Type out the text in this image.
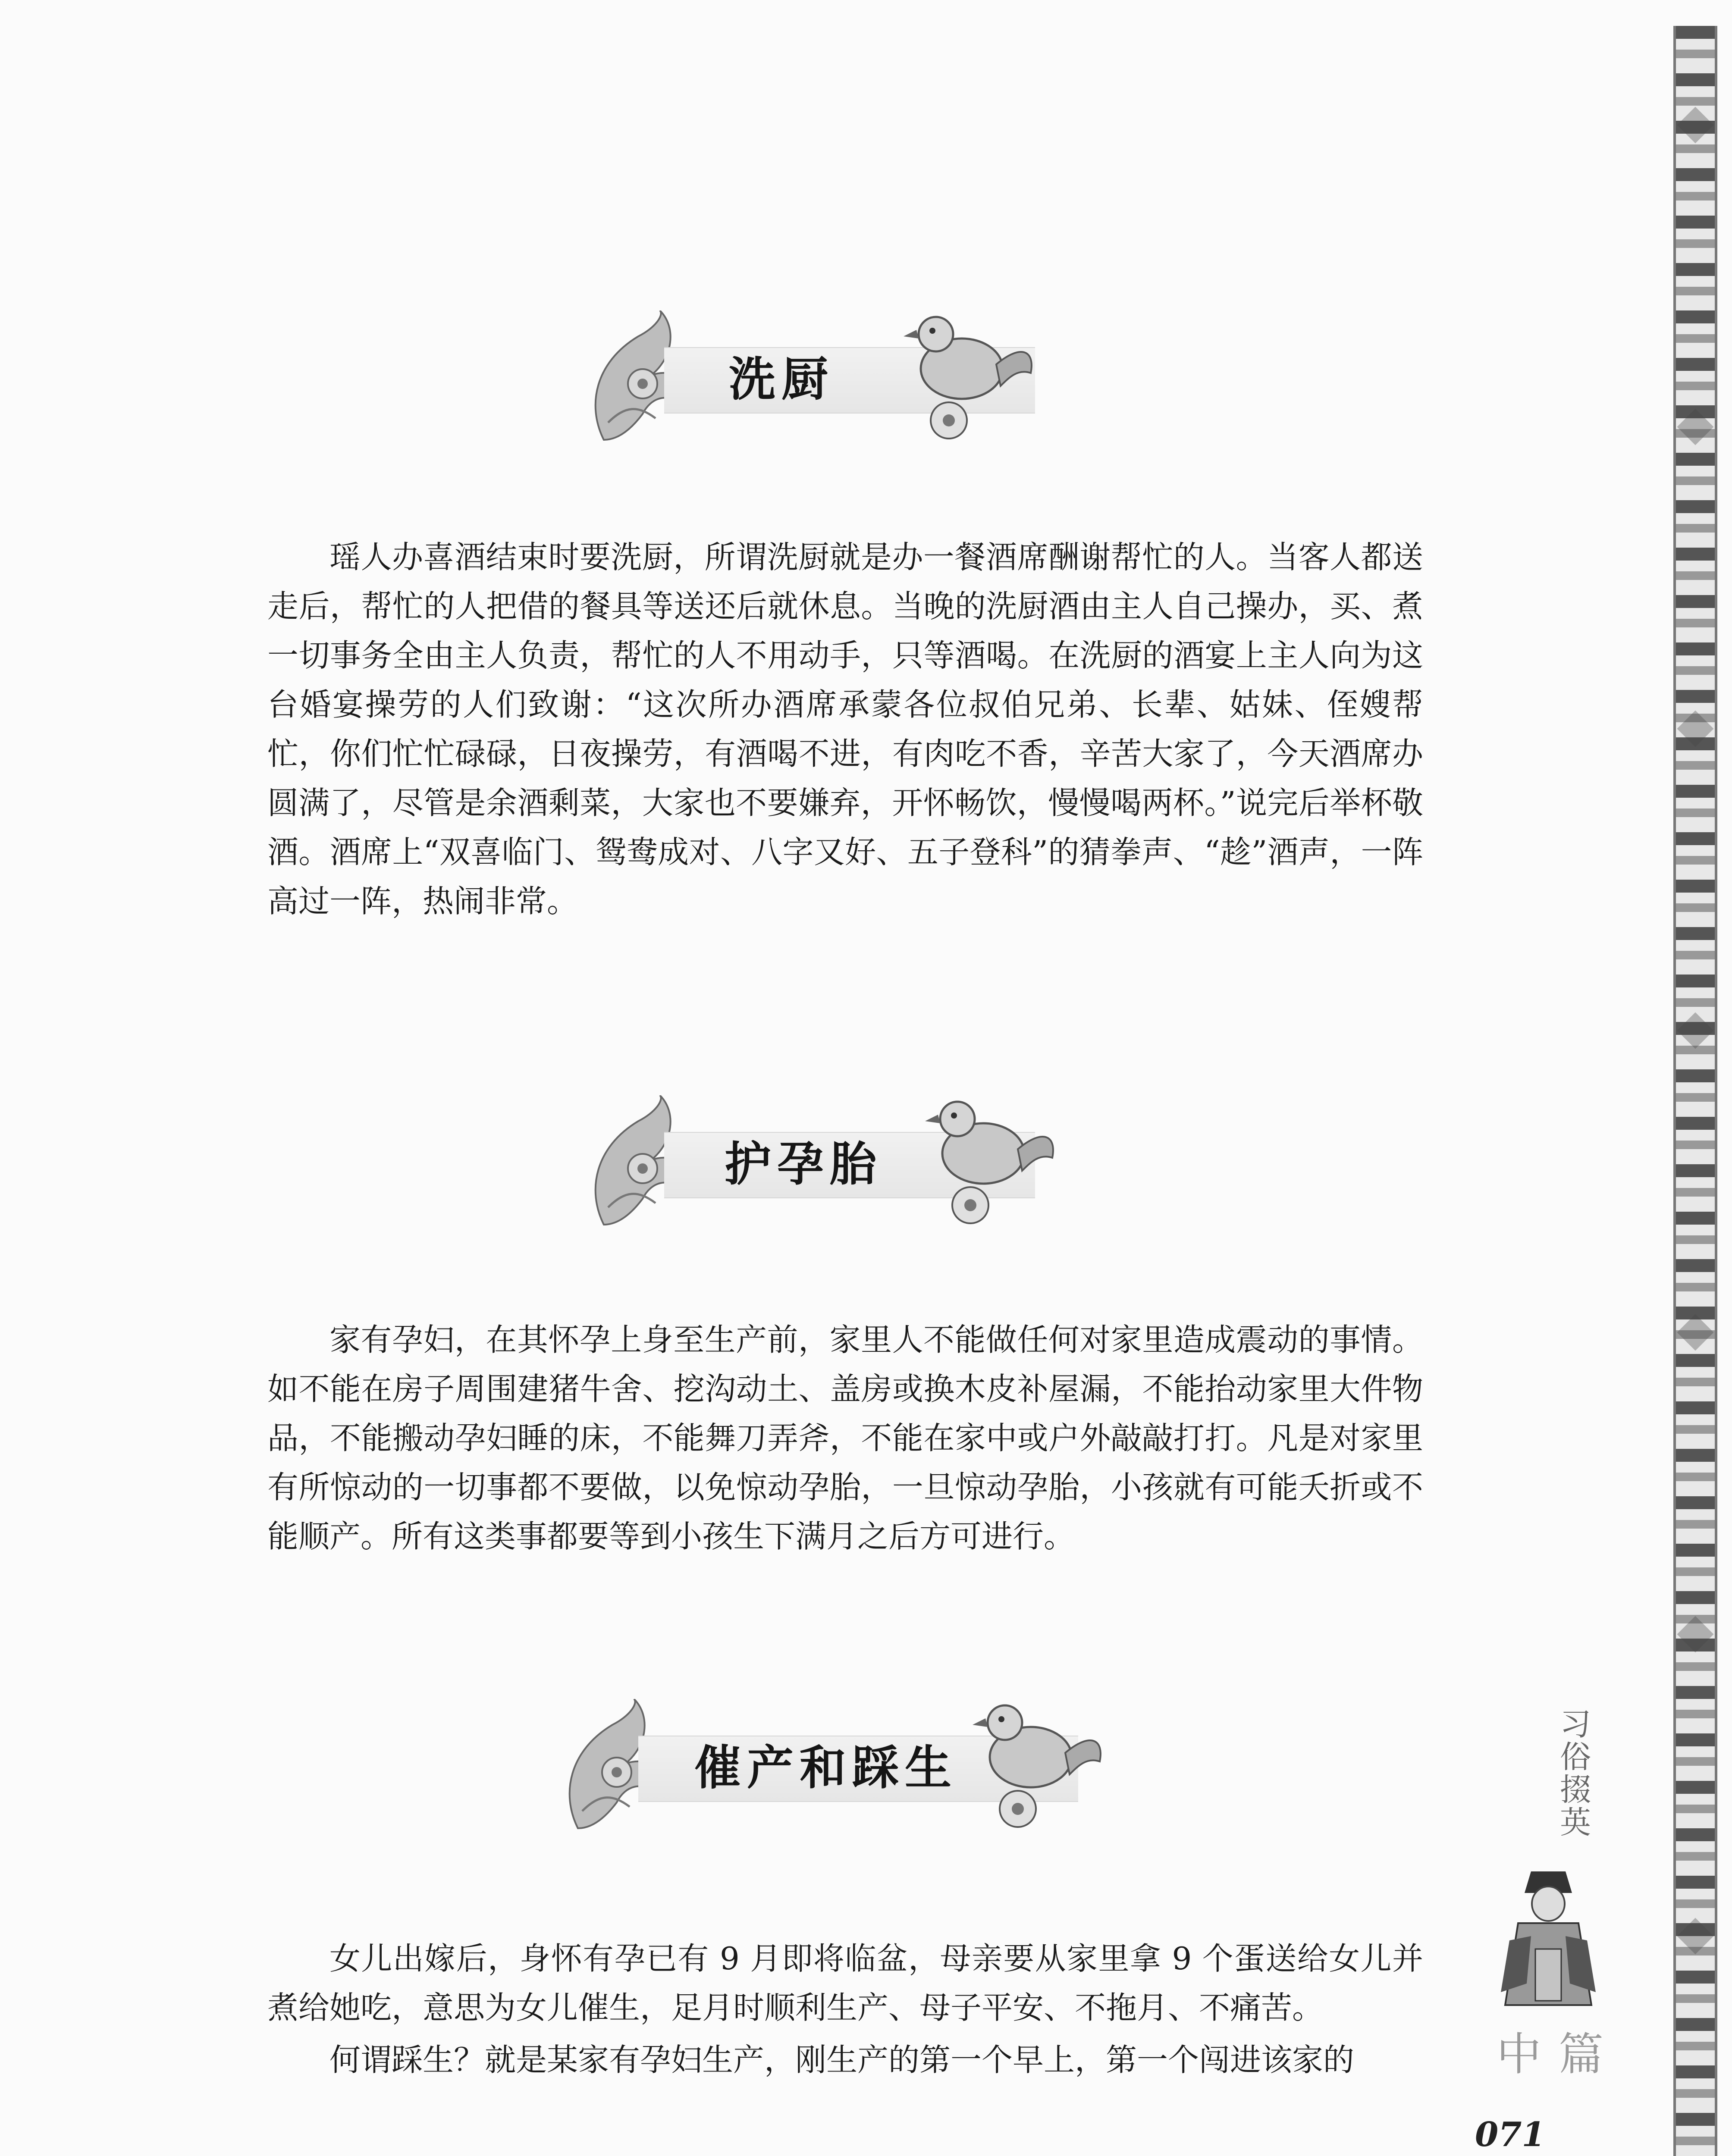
洗厨

瑶人办喜酒结束时要洗厨，所谓洗厨就是办一餐酒席酬谢帮忙的人。当客人都送走后，帮忙的人把借的餐具等送还后就休息。当晚的洗厨酒由主人自己操办，买、煮一切事务全由主人负责，帮忙的人不用动手，只等酒喝。在洗厨的酒宴上主人向为这台婚宴操劳的人们致谢：“这次所办酒席承蒙各位叔伯兄弟、长辈、姑妹、侄嫂帮忙，你们忙忙碌碌，日夜操劳，有酒喝不进，有肉吃不香，辛苦大家了，今天酒席办圆满了，尽管是余酒剩菜，大家也不要嫌弃，开怀畅饮，慢慢喝两杯。”说完后举杯敬酒。酒席上“双喜临门、鸳鸯成对、八字又好、五子登科”的猜拳声、“趁”酒声，一阵高过一阵，热闹非常。

护孕胎

家有孕妇，在其怀孕上身至生产前，家里人不能做任何对家里造成震动的事情。如不能在房子周围建猪牛舍、挖沟动土、盖房或换木皮补屋漏，不能抬动家里大件物品，不能搬动孕妇睡的床，不能舞刀弄斧，不能在家中或户外敲敲打打。凡是对家里有所惊动的一切事都不要做，以免惊动孕胎，一旦惊动孕胎，小孩就有可能夭折或不能顺产。所有这类事都要等到小孩生下满月之后方可进行。

催产和踩生

女儿出嫁后，身怀有孕已有 9 月即将临盆，母亲要从家里拿 9 个蛋送给女儿并煮给她吃，意思为女儿催生，足月时顺利生产、母子平安、不拖月、不痛苦。

何谓踩生？就是某家有孕妇生产，刚生产的第一个早上，第一个闯进该家的

习俗掇英
中篇
071
